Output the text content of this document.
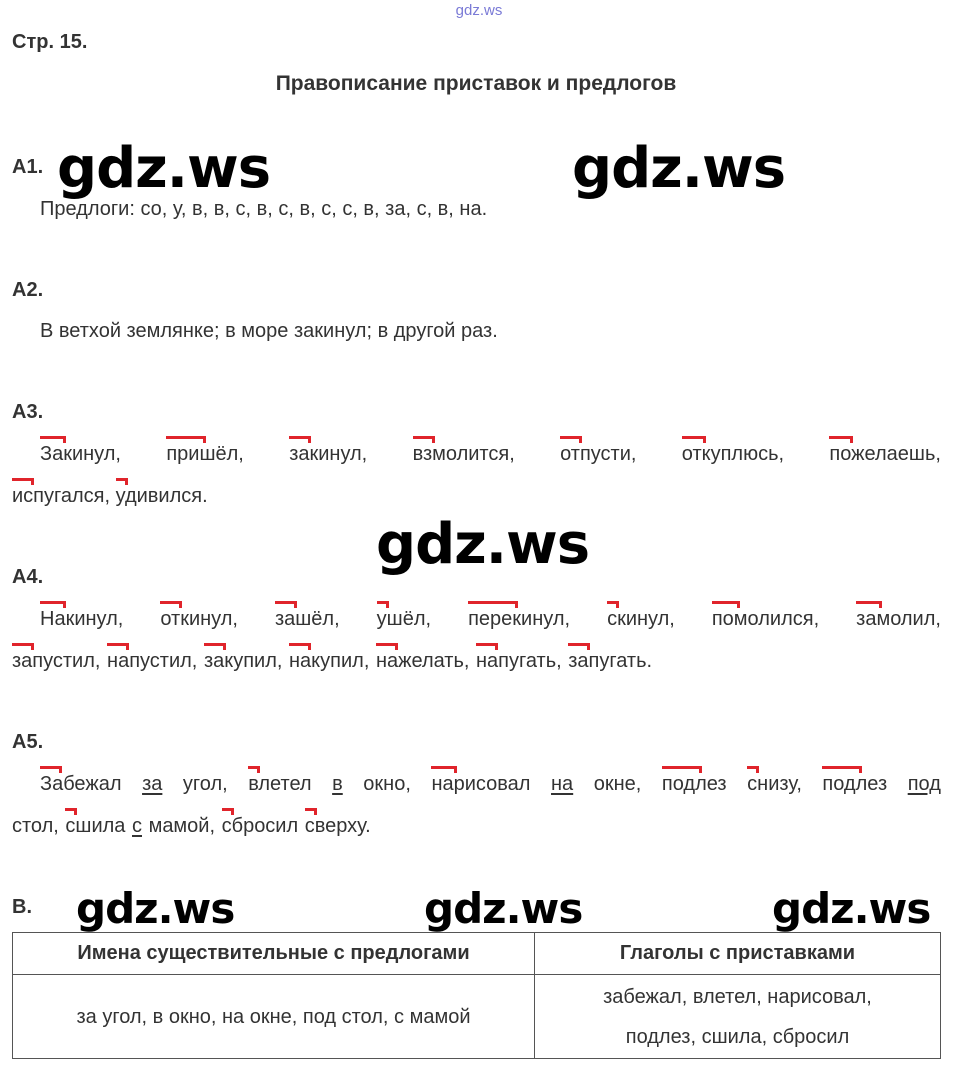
gdz.ws
Стр. 15.
Правописание приставок и предлогов
А1. gdz.ws	gdz.ws
Предлоги: со, у, в, в, с, в, с, в, с, с, в, за, с, в, на.
А2.
В ветхой землянке; в море закинул; в другой раз.
А3.
Закинул, пришёл, закинул, взмолится, отпусти, откуплюсь, пожелаешь,
испугался, удивился.
gdz.ws
А4.
Накинул, откинул, зашёл, ушёл, перекинул, скинул, помолился, замолил,
запустил, напустил, закупил, накупил, нажелать, напугать, запугать.
А5.
Забежал за угол, влетел в окно, нарисовал на окне, подлез снизу, подлез под
стол, сшила с мамой, сбросил сверху.
В. gdz.ws	gdz.ws	gdz.ws
Имена существительные с предлогами	Глаголы с приставками
за угол, в окно, на окне, под стол, с мамой	забежал, влетел, нарисовал,
подлез, сшила, сбросил
